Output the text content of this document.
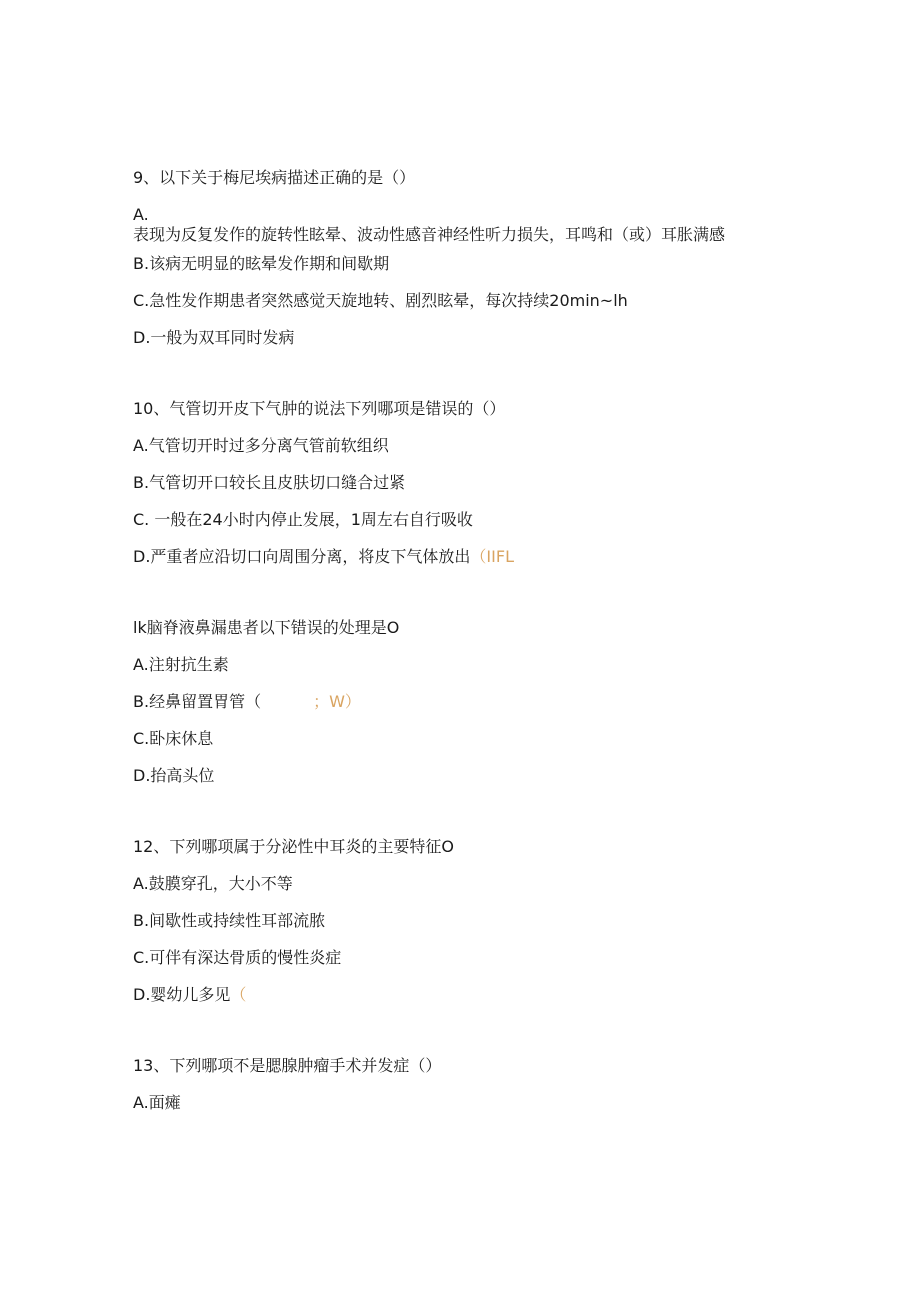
9、以下关于梅尼埃病描述正确的是（）
A.
表现为反复发作的旋转性眩晕、波动性感音神经性听力损失，耳鸣和（或）耳胀满感
B.该病无明显的眩晕发作期和间歇期
C.急性发作期患者突然感觉天旋地转、剧烈眩晕，每次持续20min~lh
D.一般为双耳同时发病
10、气管切开皮下气肿的说法下列哪项是错误的（）
A.气管切开时过多分离气管前软组织
B.气管切开口较长且皮肤切口缝合过紧
C. 一般在24小时内停止发展，1周左右自行吸收
D.严重者应沿切口向周围分离，将皮下气体放出（IIFL
lk脑脊液鼻漏患者以下错误的处理是O
A.注射抗生素
B.经鼻留置胃管（	；W）
C.卧床休息
D.抬高头位
12、下列哪项属于分泌性中耳炎的主要特征O
A.鼓膜穿孔，大小不等
B.间歇性或持续性耳部流脓
C.可伴有深达骨质的慢性炎症
D.婴幼儿多见（
13、下列哪项不是腮腺肿瘤手术并发症（）
A.面瘫
